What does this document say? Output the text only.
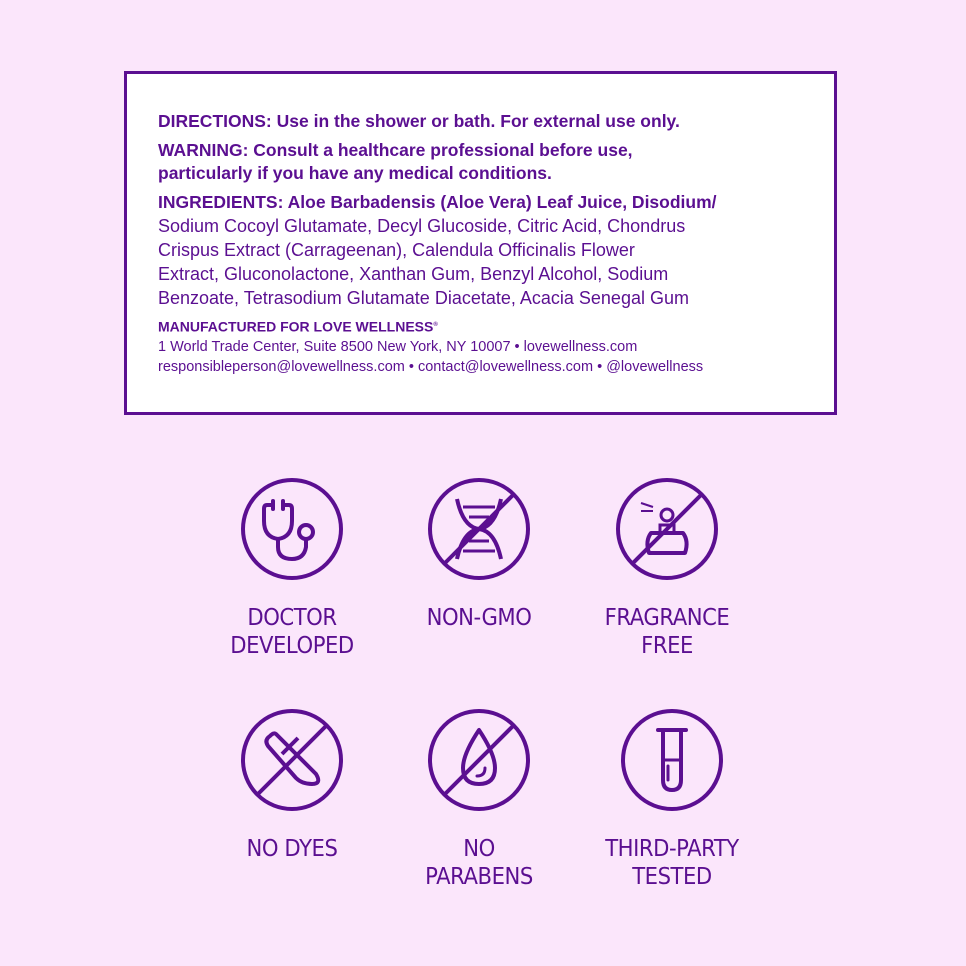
DIRECTIONS: Use in the shower or bath. For external use only.
WARNING: Consult a healthcare professional before use,
particularly if you have any medical conditions.
INGREDIENTS: Aloe Barbadensis (Aloe Vera) Leaf Juice, Disodium/
Sodium Cocoyl Glutamate, Decyl Glucoside, Citric Acid, Chondrus
Crispus Extract (Carrageenan), Calendula Officinalis Flower
Extract, Gluconolactone, Xanthan Gum, Benzyl Alcohol, Sodium
Benzoate, Tetrasodium Glutamate Diacetate, Acacia Senegal Gum
MANUFACTURED FOR LOVE WELLNESS®
1 World Trade Center, Suite 8500 New York, NY 10007 • lovewellness.com
responsibleperson@lovewellness.com • contact@lovewellness.com • @lovewellness
DOCTOR
DEVELOPED
NON-GMO	FRAGRANCE
FREE
NO DYES	NO
PARABENS
THIRD-PARTY
TESTED
